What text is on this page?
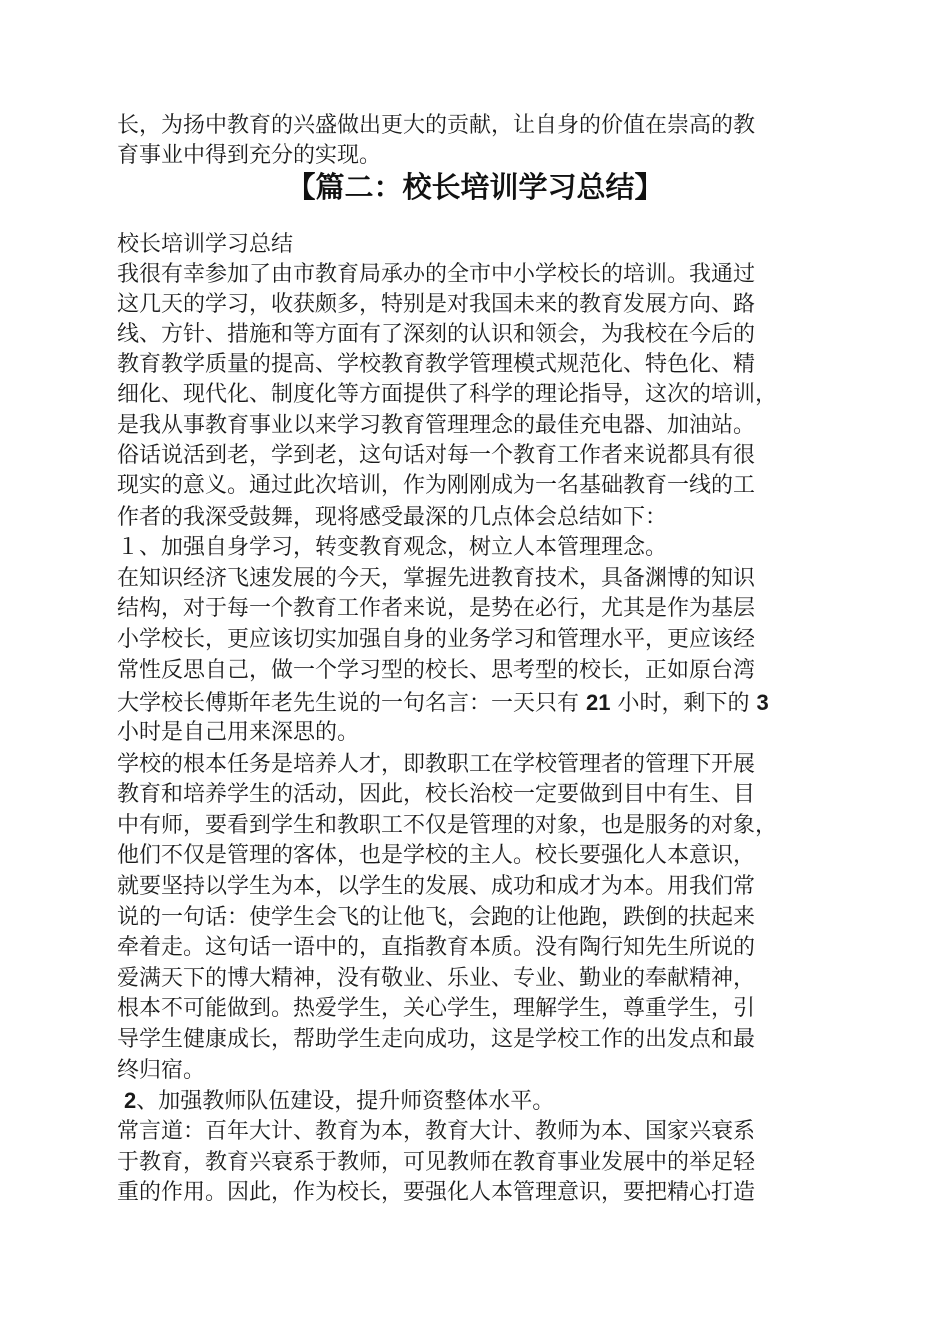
长，为扬中教育的兴盛做出更大的贡献，让自身的价值在崇高的教

育事业中得到充分的实现。

【篇二：校长培训学习总结】

校长培训学习总结

我很有幸参加了由市教育局承办的全市中小学校长的培训。我通过

这几天的学习，收获颇多，特别是对我国未来的教育发展方向、路

线、方针、措施和等方面有了深刻的认识和领会，为我校在今后的

教育教学质量的提高、学校教育教学管理模式规范化、特色化、精

细化、现代化、制度化等方面提供了科学的理论指导，这次的培训，

是我从事教育事业以来学习教育管理理念的最佳充电器、加油站。

俗话说活到老，学到老，这句话对每一个教育工作者来说都具有很

现实的意义。通过此次培训，作为刚刚成为一名基础教育一线的工

作者的我深受鼓舞，现将感受最深的几点体会总结如下：

１、加强自身学习，转变教育观念，树立人本管理理念。

在知识经济飞速发展的今天，掌握先进教育技术，具备渊博的知识

结构，对于每一个教育工作者来说，是势在必行，尤其是作为基层

小学校长，更应该切实加强自身的业务学习和管理水平，更应该经

常性反思自己，做一个学习型的校长、思考型的校长，正如原台湾

大学校长傅斯年老先生说的一句名言：一天只有 21 小时，剩下的 3

小时是自己用来深思的。

学校的根本任务是培养人才，即教职工在学校管理者的管理下开展

教育和培养学生的活动，因此，校长治校一定要做到目中有生、目

中有师，要看到学生和教职工不仅是管理的对象，也是服务的对象，

他们不仅是管理的客体，也是学校的主人。校长要强化人本意识，

就要坚持以学生为本，以学生的发展、成功和成才为本。用我们常

说的一句话：使学生会飞的让他飞，会跑的让他跑，跌倒的扶起来

牵着走。这句话一语中的，直指教育本质。没有陶行知先生所说的

爱满天下的博大精神，没有敬业、乐业、专业、勤业的奉献精神，

根本不可能做到。热爱学生，关心学生，理解学生，尊重学生，引

导学生健康成长，帮助学生走向成功，这是学校工作的出发点和最

终归宿。

2、加强教师队伍建设，提升师资整体水平。

常言道：百年大计、教育为本，教育大计、教师为本、国家兴衰系

于教育，教育兴衰系于教师，可见教师在教育事业发展中的举足轻

重的作用。因此，作为校长，要强化人本管理意识，要把精心打造
